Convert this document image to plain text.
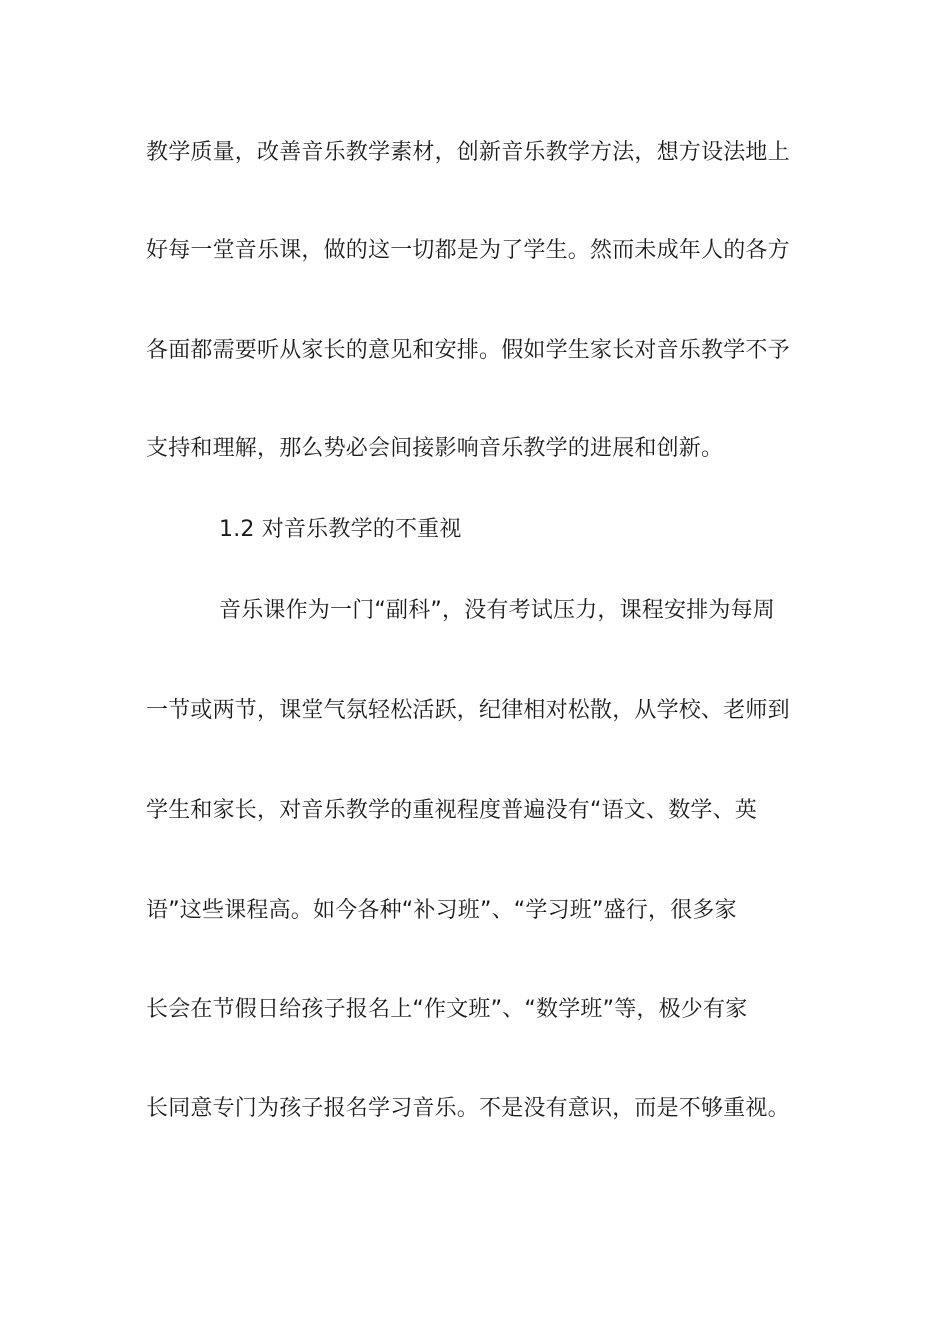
教学质量，改善音乐教学素材，创新音乐教学方法，想方设法地上
好每一堂音乐课，做的这一切都是为了学生。然而未成年人的各方
各面都需要听从家长的意见和安排。假如学生家长对音乐教学不予
支持和理解，那么势必会间接影响音乐教学的进展和创新。
1.2 对音乐教学的不重视
音乐课作为一门“副科”，没有考试压力，课程安排为每周
一节或两节，课堂气氛轻松活跃，纪律相对松散，从学校、老师到
学生和家长，对音乐教学的重视程度普遍没有“语文、数学、英
语”这些课程高。如今各种“补习班”、“学习班”盛行，很多家
长会在节假日给孩子报名上“作文班”、“数学班”等，极少有家
长同意专门为孩子报名学习音乐。不是没有意识，而是不够重视。
